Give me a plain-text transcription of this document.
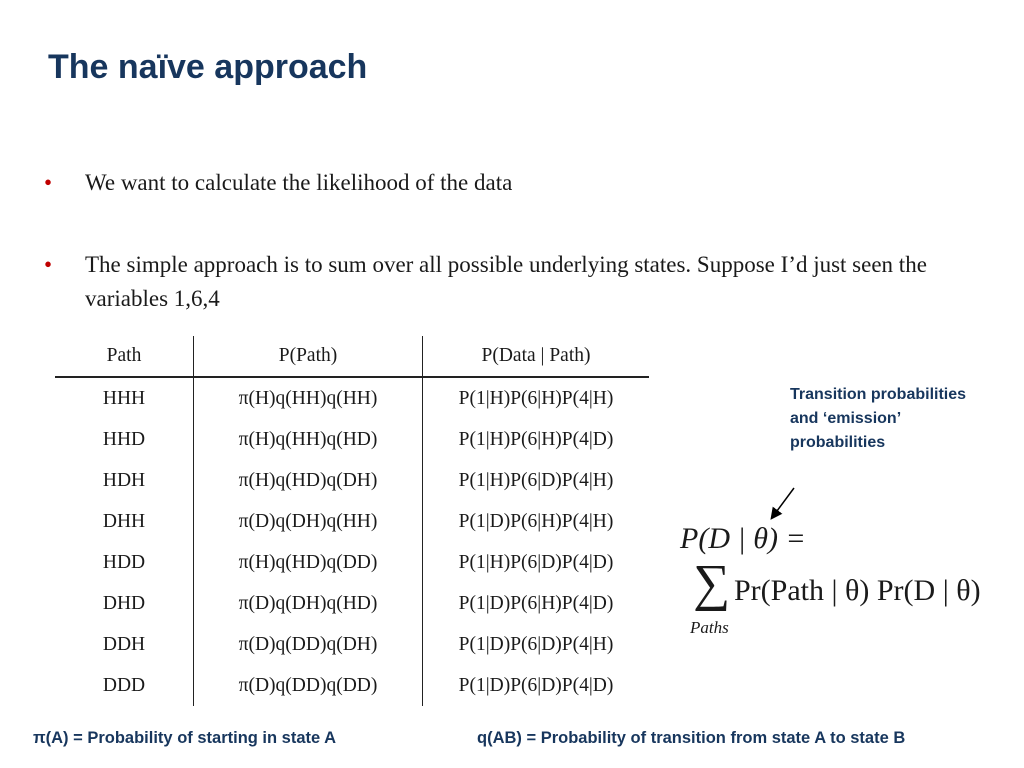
The naïve approach
•	We want to calculate the likelihood of the data
•	The simple approach is to sum over all possible underlying states. Suppose I’d just seen the variables 1,6,4
Path	P(Path)	P(Data | Path)
HHH	π(H)q(HH)q(HH)	P(1|H)P(6|H)P(4|H)
HHD	π(H)q(HH)q(HD)	P(1|H)P(6|H)P(4|D)
HDH	π(H)q(HD)q(DH)	P(1|H)P(6|D)P(4|H)
DHH	π(D)q(DH)q(HH)	P(1|D)P(6|H)P(4|H)
HDD	π(H)q(HD)q(DD)	P(1|H)P(6|D)P(4|D)
DHD	π(D)q(DH)q(HD)	P(1|D)P(6|H)P(4|D)
DDH	π(D)q(DD)q(DH)	P(1|D)P(6|D)P(4|H)
DDD	π(D)q(DD)q(DD)	P(1|D)P(6|D)P(4|D)
Transition probabilities and ‘emission’ probabilities
P(D | θ) =
∑
Paths
Pr(Path | θ) Pr(D | θ)
π(A) = Probability of starting in state A	q(AB) = Probability of transition from state A to state B
